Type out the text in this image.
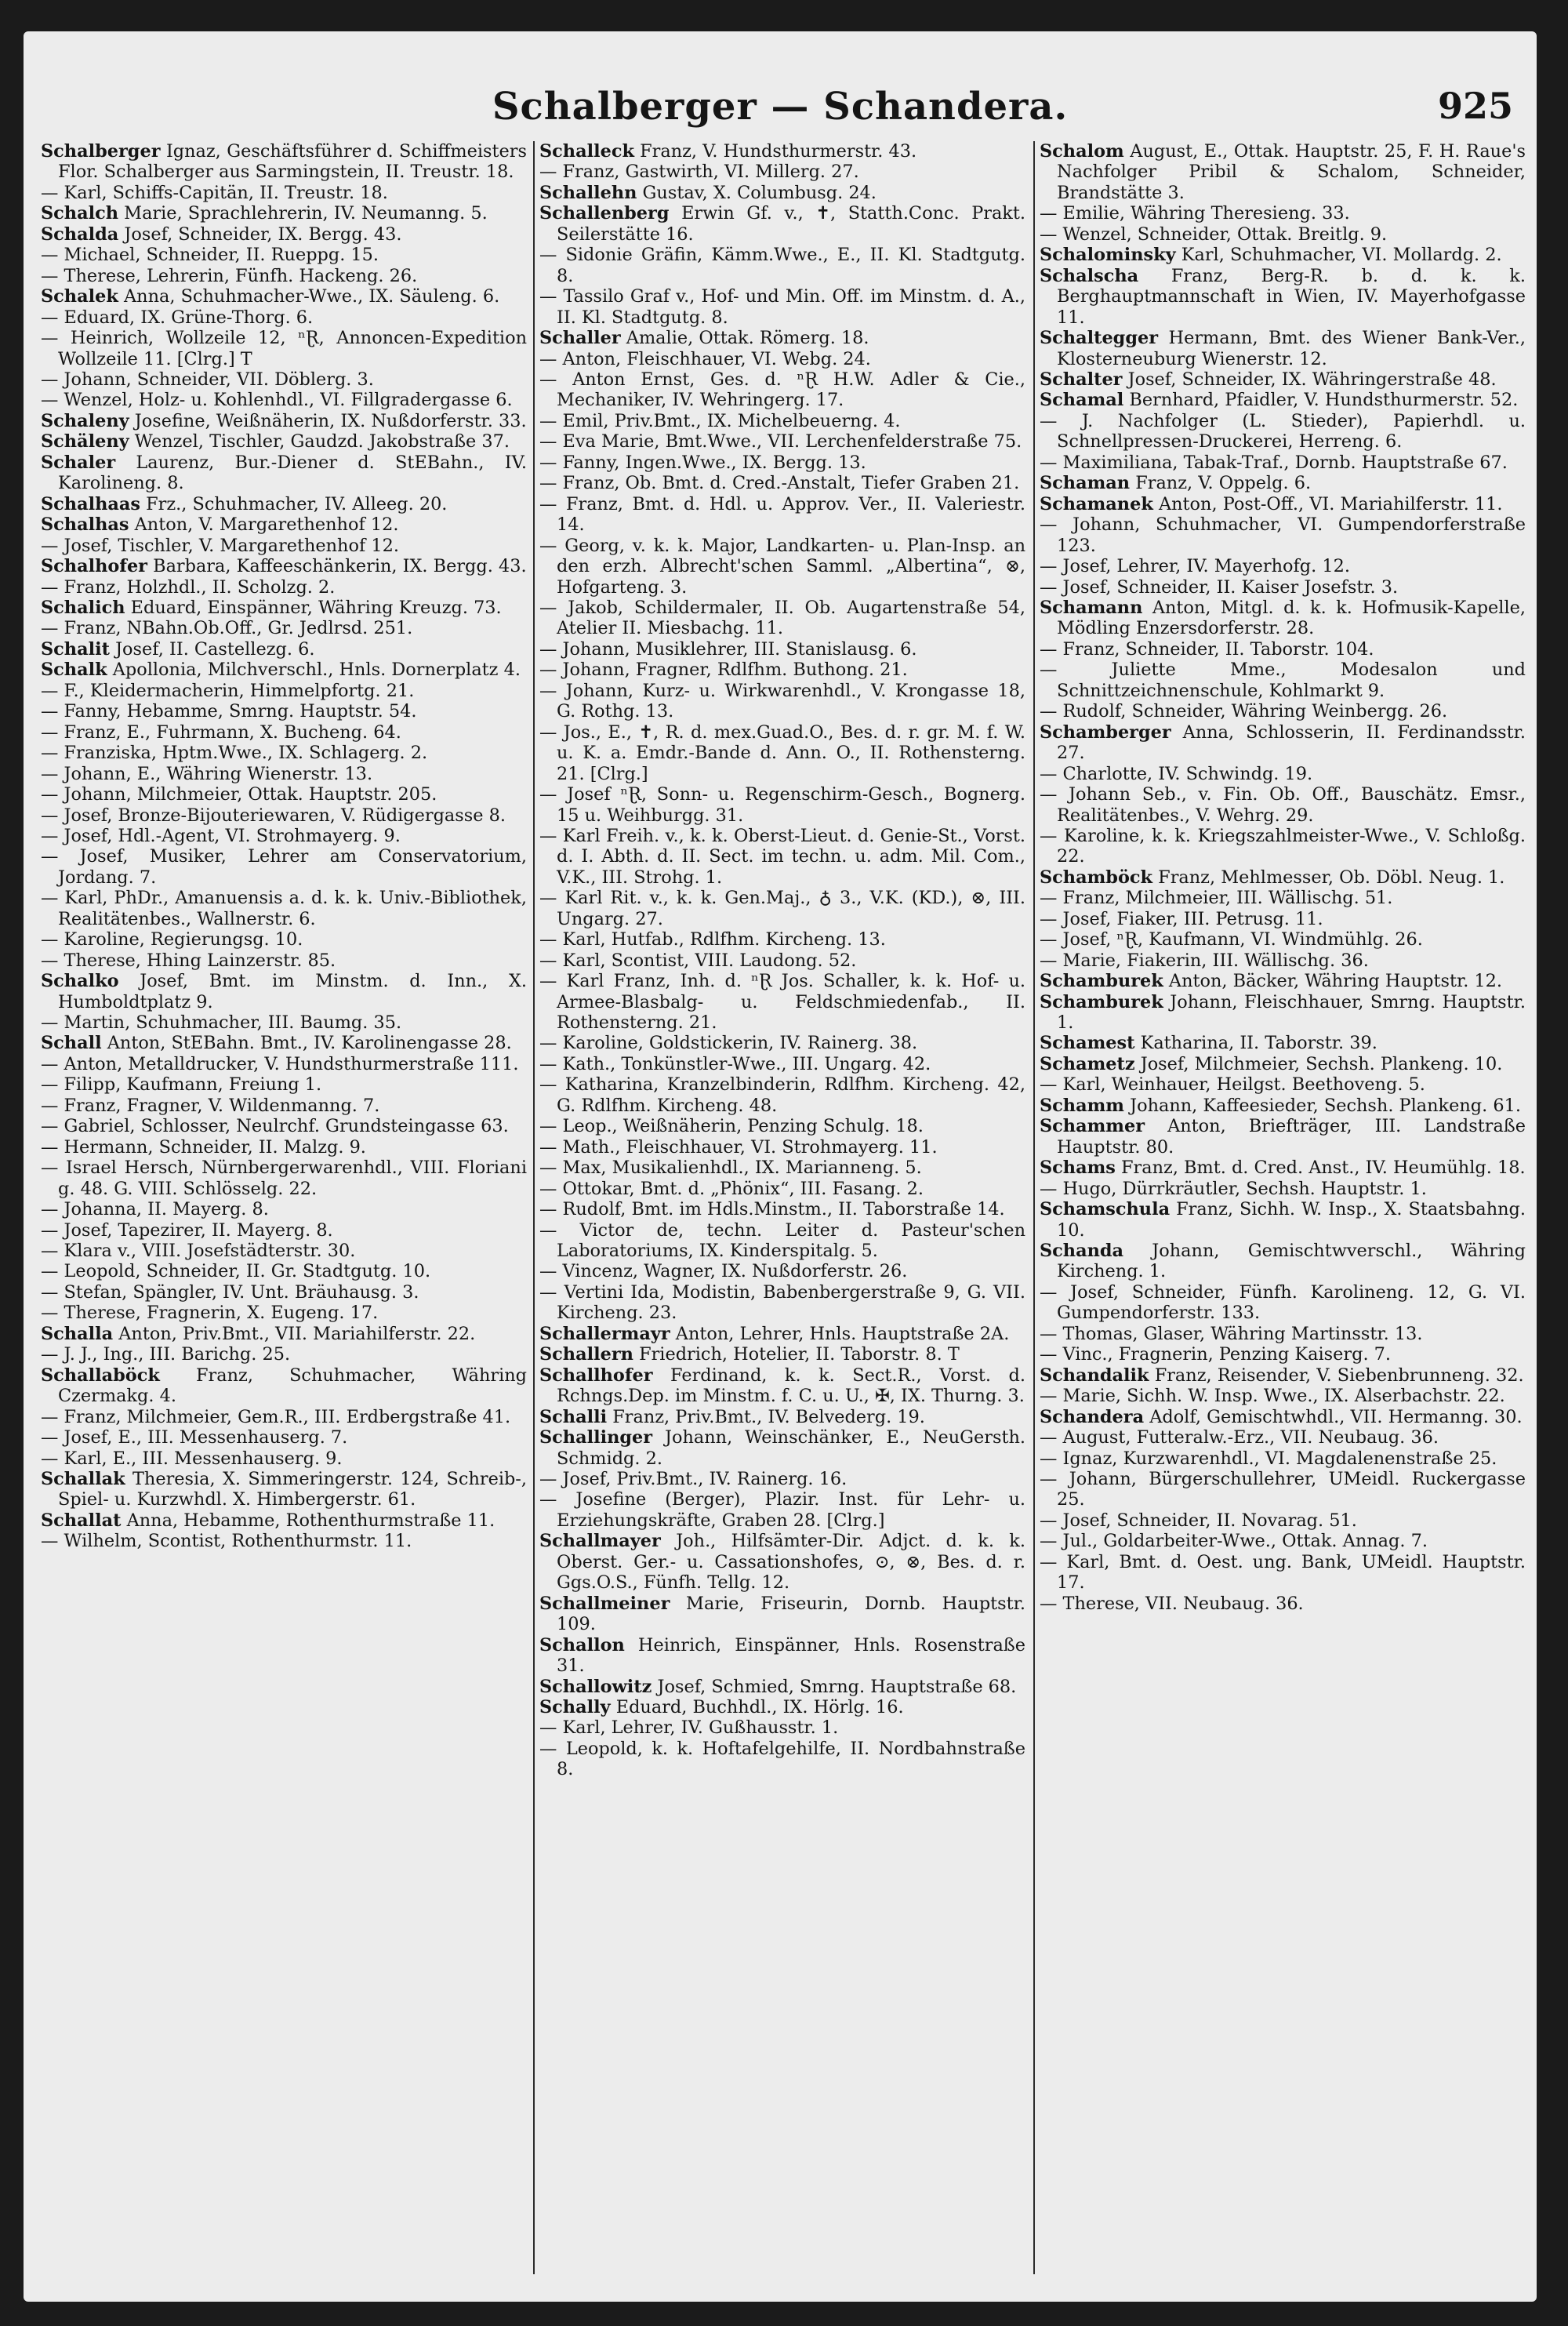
Schalberger — Schandera.	925

Schalberger Ignaz, Geschäftsführer d. Schiffmeisters Flor. Schalberger aus Sarmingstein, II. Treustr. 18.

— Karl, Schiffs-Capitän, II. Treustr. 18.

Schalch Marie, Sprachlehrerin, IV. Neumanng. 5.

Schalda Josef, Schneider, IX. Bergg. 43.

— Michael, Schneider, II. Rueppg. 15.

— Therese, Lehrerin, Fünfh. Hackeng. 26.

Schalek Anna, Schuhmacher-Wwe., IX. Säuleng. 6.

— Eduard, IX. Grüne-Thorg. 6.

— Heinrich, Wollzeile 12, ⁿⱤ, Annoncen-Expedition Wollzeile 11. [Clrg.] T

— Johann, Schneider, VII. Döblerg. 3.

— Wenzel, Holz- u. Kohlenhdl., VI. Fillgradergasse 6.

Schaleny Josefine, Weißnäherin, IX. Nußdorferstr. 33.

Schäleny Wenzel, Tischler, Gaudzd. Jakobstraße 37.

Schaler Laurenz, Bur.-Diener d. StEBahn., IV. Karolineng. 8.

Schalhaas Frz., Schuhmacher, IV. Alleeg. 20.

Schalhas Anton, V. Margarethenhof 12.

— Josef, Tischler, V. Margarethenhof 12.

Schalhofer Barbara, Kaffeeschänkerin, IX. Bergg. 43.

— Franz, Holzhdl., II. Scholzg. 2.

Schalich Eduard, Einspänner, Währing Kreuzg. 73.

— Franz, NBahn.Ob.Off., Gr. Jedlrsd. 251.

Schalit Josef, II. Castellezg. 6.

Schalk Apollonia, Milchverschl., Hnls. Dornerplatz 4.

— F., Kleidermacherin, Himmelpfortg. 21.

— Fanny, Hebamme, Smrng. Hauptstr. 54.

— Franz, E., Fuhrmann, X. Bucheng. 64.

— Franziska, Hptm.Wwe., IX. Schlagerg. 2.

— Johann, E., Währing Wienerstr. 13.

— Johann, Milchmeier, Ottak. Hauptstr. 205.

— Josef, Bronze-Bijouteriewaren, V. Rüdigergasse 8.

— Josef, Hdl.-Agent, VI. Strohmayerg. 9.

— Josef, Musiker, Lehrer am Conservatorium, Jordang. 7.

— Karl, PhDr., Amanuensis a. d. k. k. Univ.-Bibliothek, Realitätenbes., Wallnerstr. 6.

— Karoline, Regierungsg. 10.

— Therese, Hhing Lainzerstr. 85.

Schalko Josef, Bmt. im Minstm. d. Inn., X. Humboldtplatz 9.

— Martin, Schuhmacher, III. Baumg. 35.

Schall Anton, StEBahn. Bmt., IV. Karolinengasse 28.

— Anton, Metalldrucker, V. Hundsthurmerstraße 111.

— Filipp, Kaufmann, Freiung 1.

— Franz, Fragner, V. Wildenmanng. 7.

— Gabriel, Schlosser, Neulrchf. Grundsteingasse 63.

— Hermann, Schneider, II. Malzg. 9.

— Israel Hersch, Nürnbergerwarenhdl., VIII. Floriani g. 48. G. VIII. Schlösselg. 22.

— Johanna, II. Mayerg. 8.

— Josef, Tapezirer, II. Mayerg. 8.

— Klara v., VIII. Josefstädterstr. 30.

— Leopold, Schneider, II. Gr. Stadtgutg. 10.

— Stefan, Spängler, IV. Unt. Bräuhausg. 3.

— Therese, Fragnerin, X. Eugeng. 17.

Schalla Anton, Priv.Bmt., VII. Mariahilferstr. 22.

— J. J., Ing., III. Barichg. 25.

Schallaböck Franz, Schuhmacher, Währing Czermakg. 4.

— Franz, Milchmeier, Gem.R., III. Erdbergstraße 41.

— Josef, E., III. Messenhauserg. 7.

— Karl, E., III. Messenhauserg. 9.

Schallak Theresia, X. Simmeringerstr. 124, Schreib-, Spiel- u. Kurzwhdl. X. Himbergerstr. 61.

Schallat Anna, Hebamme, Rothenthurmstraße 11.

— Wilhelm, Scontist, Rothenthurmstr. 11.

Schalleck Franz, V. Hundsthurmerstr. 43.

— Franz, Gastwirth, VI. Millerg. 27.

Schallehn Gustav, X. Columbusg. 24.

Schallenberg Erwin Gf. v., ✝, Statth.Conc. Prakt. Seilerstätte 16.

— Sidonie Gräfin, Kämm.Wwe., E., II. Kl. Stadtgutg. 8.

— Tassilo Graf v., Hof- und Min. Off. im Minstm. d. A., II. Kl. Stadtgutg. 8.

Schaller Amalie, Ottak. Römerg. 18.

— Anton, Fleischhauer, VI. Webg. 24.

— Anton Ernst, Ges. d. ⁿⱤ H.W. Adler & Cie., Mechaniker, IV. Wehringerg. 17.

— Emil, Priv.Bmt., IX. Michelbeuerng. 4.

— Eva Marie, Bmt.Wwe., VII. Lerchenfelderstraße 75.

— Fanny, Ingen.Wwe., IX. Bergg. 13.

— Franz, Ob. Bmt. d. Cred.-Anstalt, Tiefer Graben 21.

— Franz, Bmt. d. Hdl. u. Approv. Ver., II. Valeriestr. 14.

— Georg, v. k. k. Major, Landkarten- u. Plan-Insp. an den erzh. Albrecht'schen Samml. „Albertina“, ⊗, Hofgarteng. 3.

— Jakob, Schildermaler, II. Ob. Augartenstraße 54, Atelier II. Miesbachg. 11.

— Johann, Musiklehrer, III. Stanislausg. 6.

— Johann, Fragner, Rdlfhm. Buthong. 21.

— Johann, Kurz- u. Wirkwarenhdl., V. Krongasse 18, G. Rothg. 13.

— Jos., E., ✝, R. d. mex.Guad.O., Bes. d. r. gr. M. f. W. u. K. a. Emdr.-Bande d. Ann. O., II. Rothensterng. 21. [Clrg.]

— Josef ⁿⱤ, Sonn- u. Regenschirm-Gesch., Bognerg. 15 u. Weihburgg. 31.

— Karl Freih. v., k. k. Oberst-Lieut. d. Genie-St., Vorst. d. I. Abth. d. II. Sect. im techn. u. adm. Mil. Com., V.K., III. Strohg. 1.

— Karl Rit. v., k. k. Gen.Maj., ♁ 3., V.K. (KD.), ⊗, III. Ungarg. 27.

— Karl, Hutfab., Rdlfhm. Kircheng. 13.

— Karl, Scontist, VIII. Laudong. 52.

— Karl Franz, Inh. d. ⁿⱤ Jos. Schaller, k. k. Hof- u. Armee-Blasbalg- u. Feldschmiedenfab., II. Rothensterng. 21.

— Karoline, Goldstickerin, IV. Rainerg. 38.

— Kath., Tonkünstler-Wwe., III. Ungarg. 42.

— Katharina, Kranzelbinderin, Rdlfhm. Kircheng. 42, G. Rdlfhm. Kircheng. 48.

— Leop., Weißnäherin, Penzing Schulg. 18.

— Math., Fleischhauer, VI. Strohmayerg. 11.

— Max, Musikalienhdl., IX. Marianneng. 5.

— Ottokar, Bmt. d. „Phönix“, III. Fasang. 2.

— Rudolf, Bmt. im Hdls.Minstm., II. Taborstraße 14.

— Victor de, techn. Leiter d. Pasteur'schen Laboratoriums, IX. Kinderspitalg. 5.

— Vincenz, Wagner, IX. Nußdorferstr. 26.

— Vertini Ida, Modistin, Babenbergerstraße 9, G. VII. Kircheng. 23.

Schallermayr Anton, Lehrer, Hnls. Hauptstraße 2A.

Schallern Friedrich, Hotelier, II. Taborstr. 8. T

Schallhofer Ferdinand, k. k. Sect.R., Vorst. d. Rchngs.Dep. im Minstm. f. C. u. U., ✠, IX. Thurng. 3.

Schalli Franz, Priv.Bmt., IV. Belvederg. 19.

Schallinger Johann, Weinschänker, E., NeuGersth. Schmidg. 2.

— Josef, Priv.Bmt., IV. Rainerg. 16.

— Josefine (Berger), Plazir. Inst. für Lehr- u. Erziehungskräfte, Graben 28. [Clrg.]

Schallmayer Joh., Hilfsämter-Dir. Adjct. d. k. k. Oberst. Ger.- u. Cassationshofes, ⊙, ⊗, Bes. d. r. Ggs.O.S., Fünfh. Tellg. 12.

Schallmeiner Marie, Friseurin, Dornb. Hauptstr. 109.

Schallon Heinrich, Einspänner, Hnls. Rosenstraße 31.

Schallowitz Josef, Schmied, Smrng. Hauptstraße 68.

Schally Eduard, Buchhdl., IX. Hörlg. 16.

— Karl, Lehrer, IV. Gußhausstr. 1.

— Leopold, k. k. Hoftafelgehilfe, II. Nordbahnstraße 8.

Schalom August, E., Ottak. Hauptstr. 25, F. H. Raue's Nachfolger Pribil & Schalom, Schneider, Brandstätte 3.

— Emilie, Währing Theresieng. 33.

— Wenzel, Schneider, Ottak. Breitlg. 9.

Schalominsky Karl, Schuhmacher, VI. Mollardg. 2.

Schalscha Franz, Berg-R. b. d. k. k. Berghauptmannschaft in Wien, IV. Mayerhofgasse 11.

Schaltegger Hermann, Bmt. des Wiener Bank-Ver., Klosterneuburg Wienerstr. 12.

Schalter Josef, Schneider, IX. Währingerstraße 48.

Schamal Bernhard, Pfaidler, V. Hundsthurmerstr. 52.

— J. Nachfolger (L. Stieder), Papierhdl. u. Schnellpressen-Druckerei, Herreng. 6.

— Maximiliana, Tabak-Traf., Dornb. Hauptstraße 67.

Schaman Franz, V. Oppelg. 6.

Schamanek Anton, Post-Off., VI. Mariahilferstr. 11.

— Johann, Schuhmacher, VI. Gumpendorferstraße 123.

— Josef, Lehrer, IV. Mayerhofg. 12.

— Josef, Schneider, II. Kaiser Josefstr. 3.

Schamann Anton, Mitgl. d. k. k. Hofmusik-Kapelle, Mödling Enzersdorferstr. 28.

— Franz, Schneider, II. Taborstr. 104.

— Juliette Mme., Modesalon und Schnittzeichnenschule, Kohlmarkt 9.

— Rudolf, Schneider, Währing Weinbergg. 26.

Schamberger Anna, Schlosserin, II. Ferdinandsstr. 27.

— Charlotte, IV. Schwindg. 19.

— Johann Seb., v. Fin. Ob. Off., Bauschätz. Emsr., Realitätenbes., V. Wehrg. 29.

— Karoline, k. k. Kriegszahlmeister-Wwe., V. Schloßg. 22.

Schamböck Franz, Mehlmesser, Ob. Döbl. Neug. 1.

— Franz, Milchmeier, III. Wällischg. 51.

— Josef, Fiaker, III. Petrusg. 11.

— Josef, ⁿⱤ, Kaufmann, VI. Windmühlg. 26.

— Marie, Fiakerin, III. Wällischg. 36.

Schamburek Anton, Bäcker, Währing Hauptstr. 12.

Schamburek Johann, Fleischhauer, Smrng. Hauptstr. 1.

Schamest Katharina, II. Taborstr. 39.

Schametz Josef, Milchmeier, Sechsh. Plankeng. 10.

— Karl, Weinhauer, Heilgst. Beethoveng. 5.

Schamm Johann, Kaffeesieder, Sechsh. Plankeng. 61.

Schammer Anton, Briefträger, III. Landstraße Hauptstr. 80.

Schams Franz, Bmt. d. Cred. Anst., IV. Heumühlg. 18.

— Hugo, Dürrkräutler, Sechsh. Hauptstr. 1.

Schamschula Franz, Sichh. W. Insp., X. Staatsbahng. 10.

Schanda Johann, Gemischtwverschl., Währing Kircheng. 1.

— Josef, Schneider, Fünfh. Karolineng. 12, G. VI. Gumpendorferstr. 133.

— Thomas, Glaser, Währing Martinsstr. 13.

— Vinc., Fragnerin, Penzing Kaiserg. 7.

Schandalik Franz, Reisender, V. Siebenbrunneng. 32.

— Marie, Sichh. W. Insp. Wwe., IX. Alserbachstr. 22.

Schandera Adolf, Gemischtwhdl., VII. Hermanng. 30.

— August, Futteralw.-Erz., VII. Neubaug. 36.

— Ignaz, Kurzwarenhdl., VI. Magdalenenstraße 25.

— Johann, Bürgerschullehrer, UMeidl. Ruckergasse 25.

— Josef, Schneider, II. Novarag. 51.

— Jul., Goldarbeiter-Wwe., Ottak. Annag. 7.

— Karl, Bmt. d. Oest. ung. Bank, UMeidl. Hauptstr. 17.

— Therese, VII. Neubaug. 36.
